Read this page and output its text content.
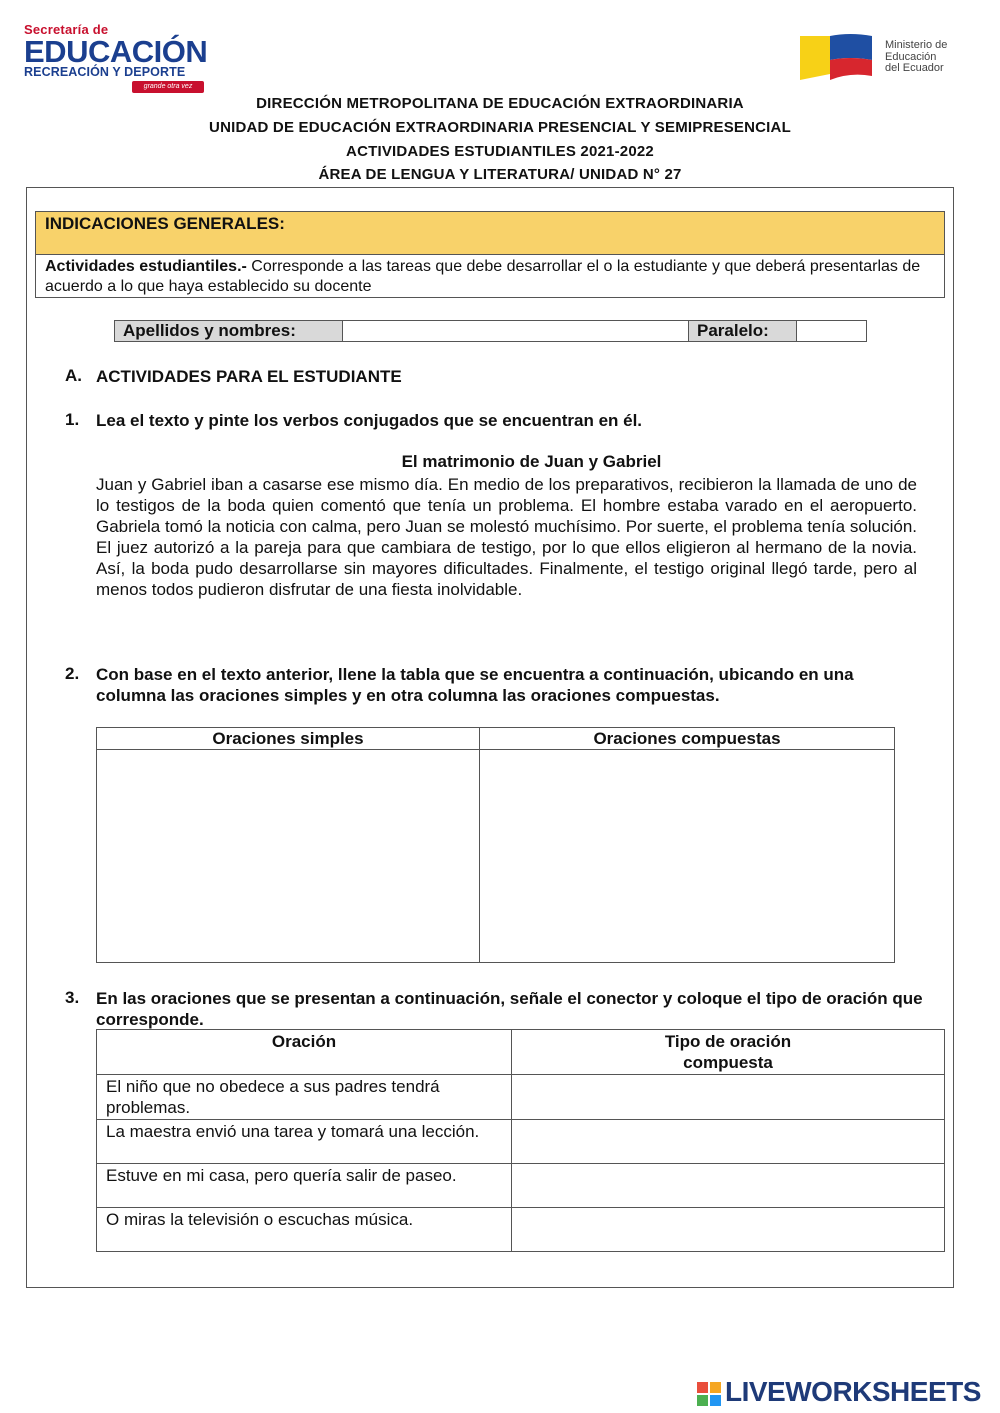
Secretaría de
EDUCACIÓN
RECREACIÓN Y DEPORTE
grande otra vez
Ministerio de
Educación
del Ecuador
DIRECCIÓN METROPOLITANA DE EDUCACIÓN EXTRAORDINARIA
UNIDAD DE EDUCACIÓN EXTRAORDINARIA PRESENCIAL Y SEMIPRESENCIAL
ACTIVIDADES ESTUDIANTILES 2021-2022
ÁREA DE LENGUA Y LITERATURA/ UNIDAD N° 27
INDICACIONES GENERALES:
Actividades estudiantiles.- Corresponde a las tareas que debe desarrollar el o la estudiante y que deberá presentarlas de acuerdo a lo que haya establecido su docente
Apellidos y nombres:	Paralelo:
A. ACTIVIDADES PARA EL ESTUDIANTE
1. Lea el texto y pinte los verbos conjugados que se encuentran en él.
El matrimonio de Juan y Gabriel
Juan y Gabriel iban a casarse ese mismo día. En medio de los preparativos, recibieron la llamada de uno de lo testigos de la boda quien comentó que tenía un problema. El hombre estaba varado en el aeropuerto. Gabriela tomó la noticia con calma, pero Juan se molestó muchísimo. Por suerte, el problema tenía solución. El juez autorizó a la pareja para que cambiara de testigo, por lo que ellos eligieron al hermano de la novia. Así, la boda pudo desarrollarse sin mayores dificultades. Finalmente, el testigo original llegó tarde, pero al menos todos pudieron disfrutar de una fiesta inolvidable.
2. Con base en el texto anterior, llene la tabla que se encuentra a continuación, ubicando en una columna las oraciones simples y en otra columna las oraciones compuestas.
Oraciones simples	Oraciones compuestas

3. En las oraciones que se presentan a continuación, señale el conector y coloque el tipo de oración que corresponde.
Oración	Tipo de oración
compuesta

El niño que no obedece a sus padres tendrá problemas.	
La maestra envió una tarea y tomará una lección.	
Estuve en mi casa, pero quería salir de paseo.	
O miras la televisión o escuchas música.	
LIVEWORKSHEETS
